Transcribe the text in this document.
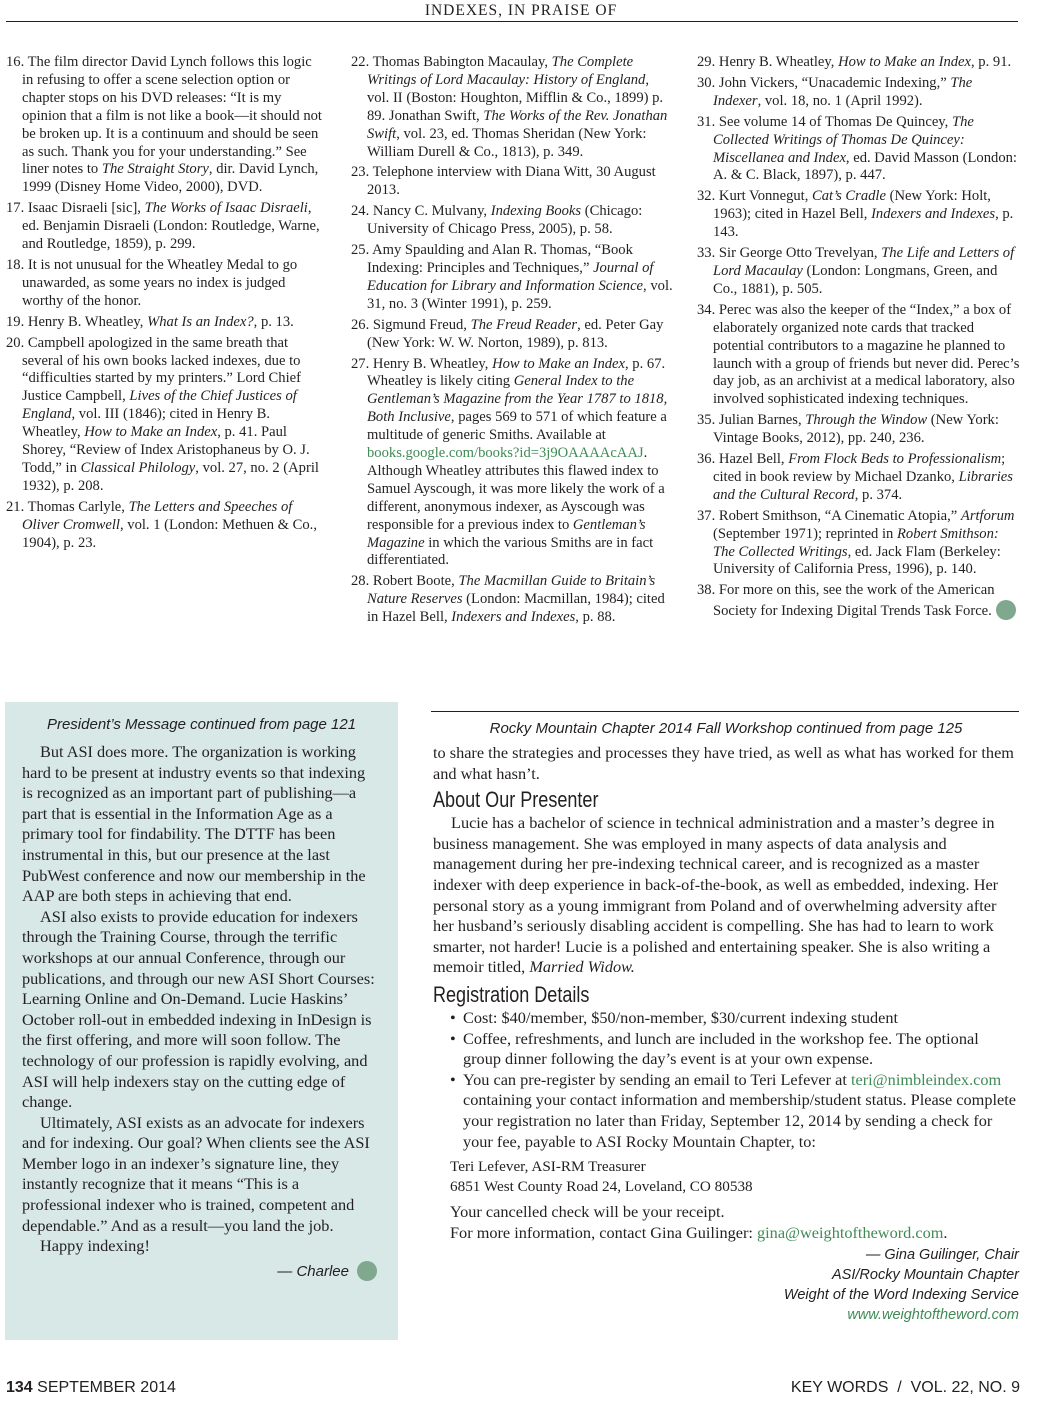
INDEXES, IN PRAISE OF

16. The film director David Lynch follows this logic in refusing to offer a scene selection option or chapter stops on his DVD releases: “It is my opinion that a film is not like a book—it should not be broken up. It is a continuum and should be seen as such. Thank you for your understanding.” See liner notes to The Straight Story, dir. David Lynch, 1999 (Disney Home Video, 2000), DVD.

17. Isaac Disraeli [sic], The Works of Isaac Disraeli, ed. Benjamin Disraeli (London: Routledge, Warne, and Routledge, 1859), p. 299.

18. It is not unusual for the Wheatley Medal to go unawarded, as some years no index is judged worthy of the honor.

19. Henry B. Wheatley, What Is an Index?, p. 13.

20. Campbell apologized in the same breath that several of his own books lacked indexes, due to “difficulties started by my printers.” Lord Chief Justice Campbell, Lives of the Chief Justices of England, vol. III (1846); cited in Henry B. Wheatley, How to Make an Index, p. 41. Paul Shorey, “Review of Index Aristophaneus by O. J. Todd,” in Classical Philology, vol. 27, no. 2 (April 1932), p. 208.

21. Thomas Carlyle, The Letters and Speeches of Oliver Cromwell, vol. 1 (London: Methuen & Co., 1904), p. 23.

22. Thomas Babington Macaulay, The Complete Writings of Lord Macaulay: History of England, vol. II (Boston: Houghton, Mifflin & Co., 1899) p. 89. Jonathan Swift, The Works of the Rev. Jonathan Swift, vol. 23, ed. Thomas Sheridan (New York: William Durell & Co., 1813), p. 349.

23. Telephone interview with Diana Witt, 30 August 2013.

24. Nancy C. Mulvany, Indexing Books (Chicago: University of Chicago Press, 2005), p. 58.

25. Amy Spaulding and Alan R. Thomas, “Book Indexing: Principles and Techniques,” Journal of Education for Library and Information Science, vol. 31, no. 3 (Winter 1991), p. 259.

26. Sigmund Freud, The Freud Reader, ed. Peter Gay (New York: W. W. Norton, 1989), p. 813.

27. Henry B. Wheatley, How to Make an Index, p. 67. Wheatley is likely citing General Index to the Gentleman’s Magazine from the Year 1787 to 1818, Both Inclusive, pages 569 to 571 of which feature a multitude of generic Smiths. Available at books.google.com/books?id=3j9OAAAAcAAJ. Although Wheatley attributes this flawed index to Samuel Ayscough, it was more likely the work of a different, anonymous indexer, as Ayscough was responsible for a previous index to Gentleman’s Magazine in which the various Smiths are in fact differentiated.

28. Robert Boote, The Macmillan Guide to Britain’s Nature Reserves (London: Macmillan, 1984); cited in Hazel Bell, Indexers and Indexes, p. 88.

29. Henry B. Wheatley, How to Make an Index, p. 91.

30. John Vickers, “Unacademic Indexing,” The Indexer, vol. 18, no. 1 (April 1992).

31. See volume 14 of Thomas De Quincey, The Collected Writings of Thomas De Quincey: Miscellanea and Index, ed. David Masson (London: A. & C. Black, 1897), p. 447.

32. Kurt Vonnegut, Cat’s Cradle (New York: Holt, 1963); cited in Hazel Bell, Indexers and Indexes, p. 143.

33. Sir George Otto Trevelyan, The Life and Letters of Lord Macaulay (London: Longmans, Green, and Co., 1881), p. 505.

34. Perec was also the keeper of the “Index,” a box of elaborately organized note cards that tracked potential contributors to a magazine he planned to launch with a group of friends but never did. Perec’s day job, as an archivist at a medical laboratory, also involved sophisticated indexing techniques.

35. Julian Barnes, Through the Window (New York: Vintage Books, 2012), pp. 240, 236.

36. Hazel Bell, From Flock Beds to Professionalism; cited in book review by Michael Dzanko, Libraries and the Cultural Record, p. 374.

37. Robert Smithson, “A Cinematic Atopia,” Artforum (September 1971); reprinted in Robert Smithson: The Collected Writings, ed. Jack Flam (Berkeley: University of California Press, 1996), p. 140.

38. For more on this, see the work of the American Society for Indexing Digital Trends Task Force.

President’s Message continued from page 121

But ASI does more. The organization is working hard to be present at industry events so that indexing is recognized as an important part of publishing—a part that is essential in the Information Age as a primary tool for findability. The DTTF has been instrumental in this, but our presence at the last PubWest conference and now our membership in the AAP are both steps in achieving that end.

ASI also exists to provide education for indexers through the Training Course, through the terrific workshops at our annual Conference, through our publications, and through our new ASI Short Courses: Learning Online and On-Demand. Lucie Haskins’ October roll-out in embedded indexing in InDesign is the first offering, and more will soon follow. The technology of our profession is rapidly evolving, and ASI will help indexers stay on the cutting edge of change.

Ultimately, ASI exists as an advocate for indexers and for indexing. Our goal? When clients see the ASI Member logo in an indexer’s signature line, they instantly recognize that it means “This is a professional indexer who is trained, competent and dependable.” And as a result—you land the job.

Happy indexing!

— Charlee
Rocky Mountain Chapter 2014 Fall Workshop continued from page 125

to share the strategies and processes they have tried, as well as what has worked for them and what hasn’t.

About Our Presenter

Lucie has a bachelor of science in technical administration and a master’s degree in business management. She was employed in many aspects of data analysis and management during her pre-indexing technical career, and is recognized as a master indexer with deep experience in back-of-the-book, as well as embedded, indexing. Her personal story as a young immigrant from Poland and of overwhelming adversity after her husband’s seriously disabling accident is compelling. She has had to learn to work smarter, not harder! Lucie is a polished and entertaining speaker. She is also writing a memoir titled, Married Widow.

Registration Details
• Cost: $40/member, $50/non-member, $30/current indexing student
• Coffee, refreshments, and lunch are included in the workshop fee. The optional group dinner following the day’s event is at your own expense.
• You can pre-register by sending an email to Teri Lefever at teri@nimbleindex.com containing your contact information and membership/student status. Please complete your registration no later than Friday, September 12, 2014 by sending a check for your fee, payable to ASI Rocky Mountain Chapter, to:
Teri Lefever, ASI-RM Treasurer
6851 West County Road 24, Loveland, CO 80538
Your cancelled check will be your receipt.
For more information, contact Gina Guilinger: gina@weightoftheword.com.
— Gina Guilinger, Chair
ASI/Rocky Mountain Chapter
Weight of the Word Indexing Service
www.weightoftheword.com
134 SEPTEMBER 2014	KEY WORDS  /  VOL. 22, NO. 9
